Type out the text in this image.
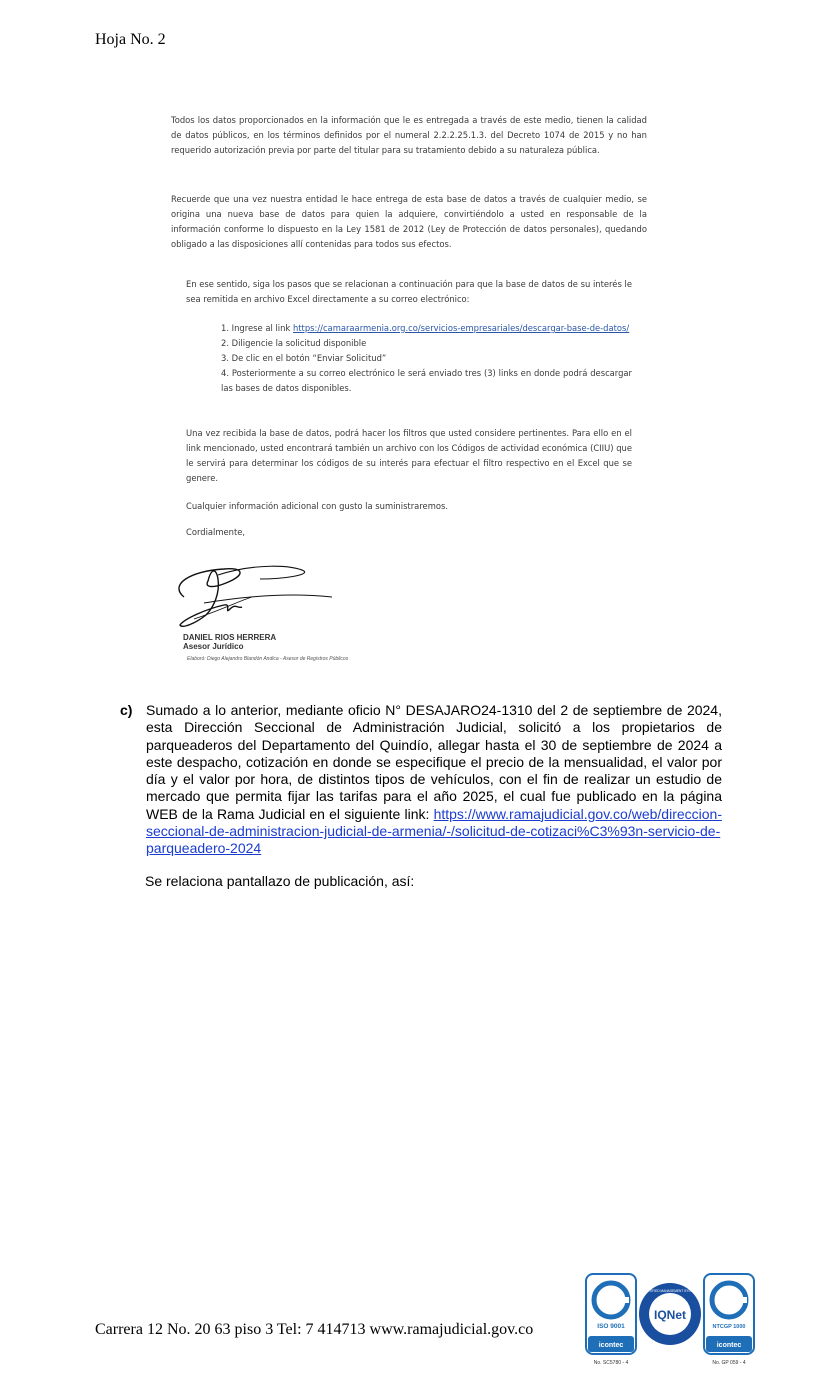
Hoja No. 2

Todos los datos proporcionados en la información que le es entregada a través de este medio, tienen la calidad de datos públicos, en los términos definidos por el numeral 2.2.2.25.1.3. del Decreto 1074 de 2015 y no han requerido autorización previa por parte del titular para su tratamiento debido a su naturaleza pública.

Recuerde que una vez nuestra entidad le hace entrega de esta base de datos a través de cualquier medio, se origina una nueva base de datos para quien la adquiere, convirtiéndolo a usted en responsable de la información conforme lo dispuesto en la Ley 1581 de 2012 (Ley de Protección de datos personales), quedando obligado a las disposiciones allí contenidas para todos sus efectos.

En ese sentido, siga los pasos que se relacionan a continuación para que la base de datos de su interés le sea remitida en archivo Excel directamente a su correo electrónico:

1. Ingrese al link https://camaraarmenia.org.co/servicios-empresariales/descargar-base-de-datos/

2. Diligencie la solicitud disponible

3. De clic en el botón “Enviar Solicitud”

4. Posteriormente a su correo electrónico le será enviado tres (3) links en donde podrá descargar las bases de datos disponibles.

Una vez recibida la base de datos, podrá hacer los filtros que usted considere pertinentes. Para ello en el link mencionado, usted encontrará también un archivo con los Códigos de actividad económica (CIIU) que le servirá para determinar los códigos de su interés para efectuar el filtro respectivo en el Excel que se genere.

Cualquier información adicional con gusto la suministraremos.

Cordialmente,

DANIEL RIOS HERRERA
Asesor Jurídico
Elaboró: Diego Alejandro Blandón Andica - Asesor de Registros Públicos
c) Sumado a lo anterior, mediante oficio N° DESAJARO24-1310 del 2 de septiembre de 2024, esta Dirección Seccional de Administración Judicial, solicitó a los propietarios de parqueaderos del Departamento del Quindío, allegar hasta el 30 de septiembre de 2024 a este despacho, cotización en donde se especifique el precio de la mensualidad, el valor por día y el valor por hora, de distintos tipos de vehículos, con el fin de realizar un estudio de mercado que permita fijar las tarifas para el año 2025, el cual fue publicado en la página WEB de la Rama Judicial en el siguiente link: https://www.ramajudicial.gov.co/web/direccion-seccional-de-administracion-judicial-de-armenia/-/solicitud-de-cotizaci%C3%93n-servicio-de-parqueadero-2024

Se relaciona pantallazo de publicación, así:
Carrera 12 No. 20 63 piso 3 Tel: 7 414713 www.ramajudicial.gov.co	ISO 9001
icontec
No. SC5780 - 4
IQNet
CERTIFIED MANAGEMENT SYSTEM
NTCGP 1000
icontec
No. GP 059 - 4
